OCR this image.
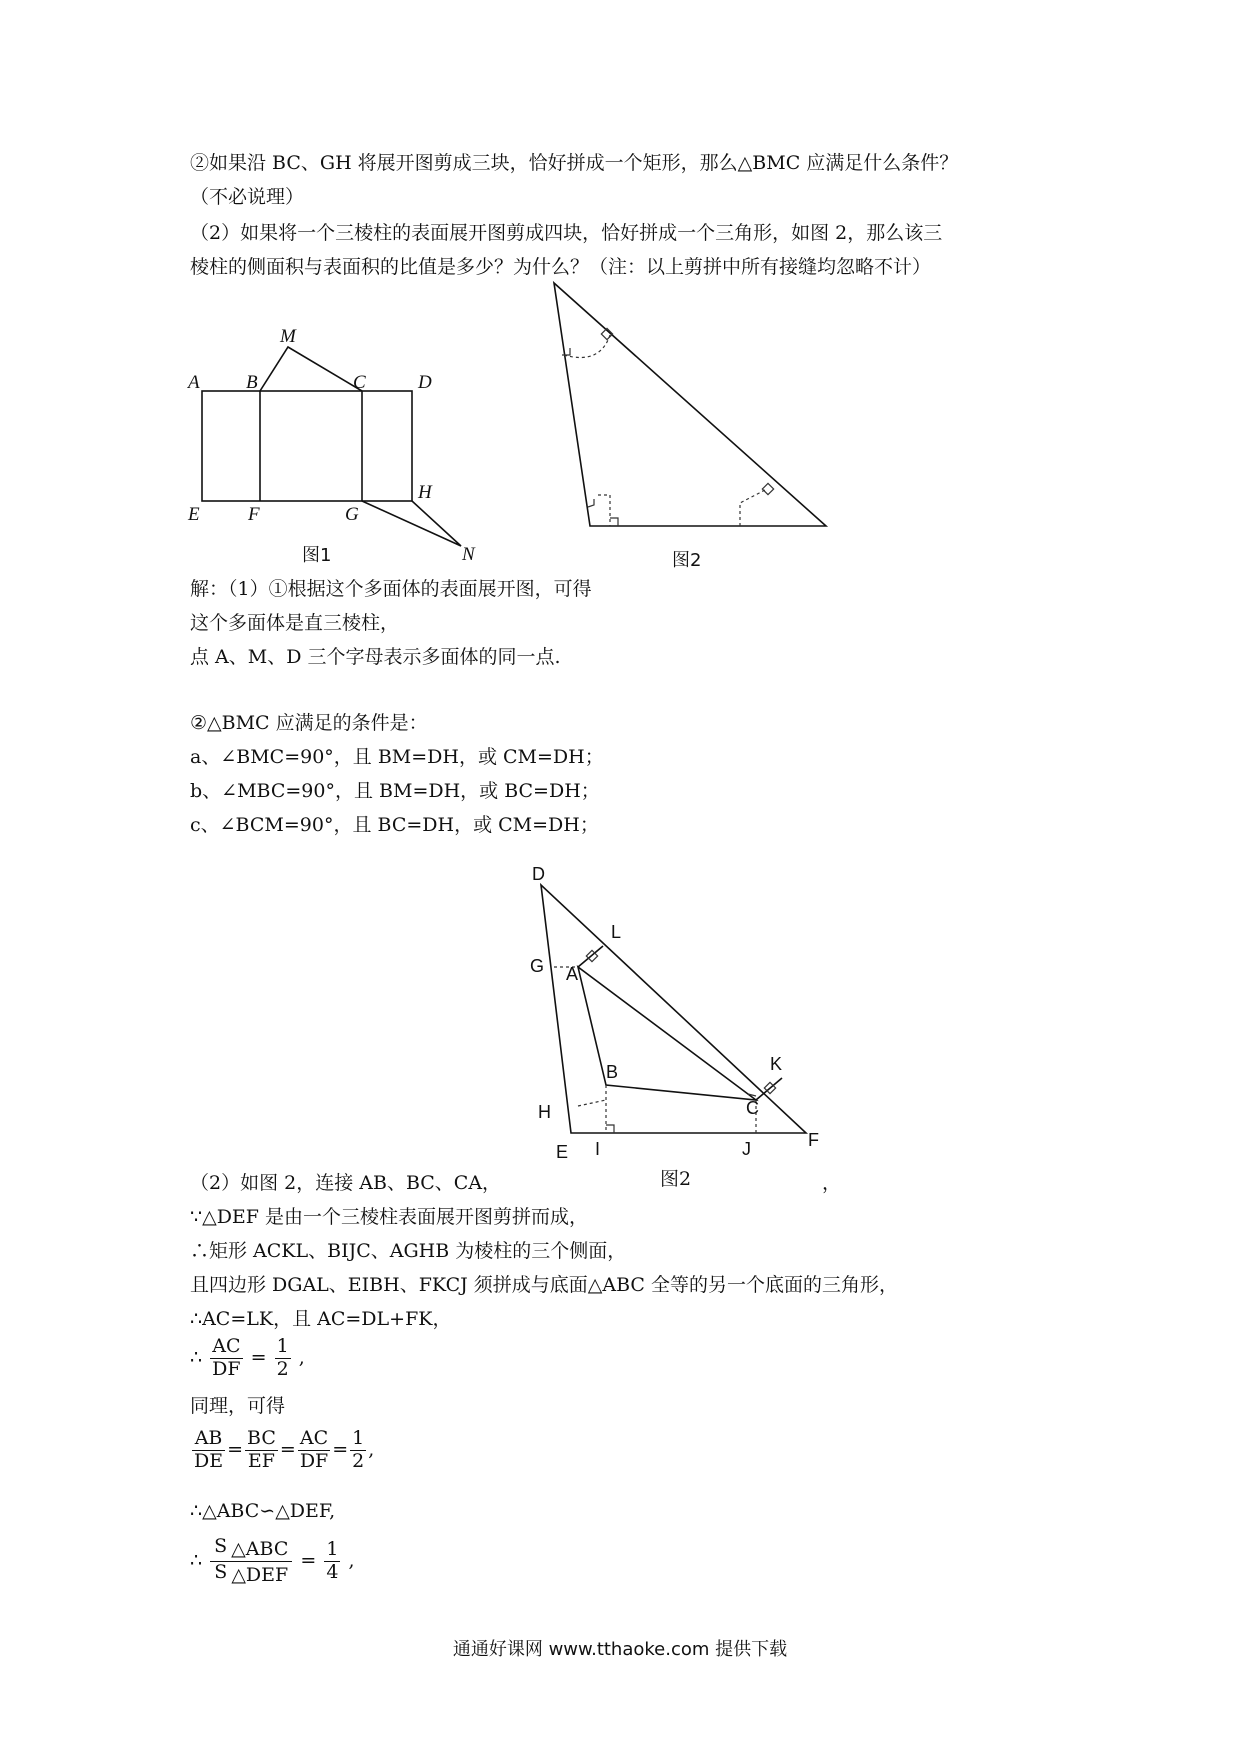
②如果沿 BC、GH 将展开图剪成三块，恰好拼成一个矩形，那么△BMC 应满足什么条件？
（不必说理）
（2）如果将一个三棱柱的表面展开图剪成四块，恰好拼成一个三角形，如图 2，那么该三
棱柱的侧面积与表面积的比值是多少？为什么？（注：以上剪拼中所有接缝均忽略不计）
A B
M
C	D
E	F	G
H
N
图1	图2
解：（1）①根据这个多面体的表面展开图，可得
这个多面体是直三棱柱，
点 A、M、D 三个字母表示多面体的同一点.
②△BMC 应满足的条件是：
a、∠BMC=90°，且 BM=DH，或 CM=DH；
b、∠MBC=90°，且 BM=DH，或 BC=DH；
c、∠BCM=90°，且 BC=DH，或 CM=DH；
D
L
G A
B	K
H	C
E I	J	F
图2
（2）如图 2，连接 AB、BC、CA，	，
∵△DEF 是由一个三棱柱表面展开图剪拼而成，
∴矩形 ACKL、BIJC、AGHB 为棱柱的三个侧面，
且四边形 DGAL、EIBH、FKCJ 须拼成与底面△ABC 全等的另一个底面的三角形，
∴AC=LK，且 AC=DL+FK，
∴ $\frac{AC}{DF} = \frac{1}{2}$ ,
同理，可得
$\frac{AB}{DE} = \frac{BC}{EF} = \frac{AC}{DF} = \frac{1}{2}$ ,
∴△ABC∽△DEF,
∴ $\frac{\text{S △ABC}}{\text{S △DEF}} = \frac{1}{4}$ ,
通通好课网 www.tthaoke.com 提供下载
